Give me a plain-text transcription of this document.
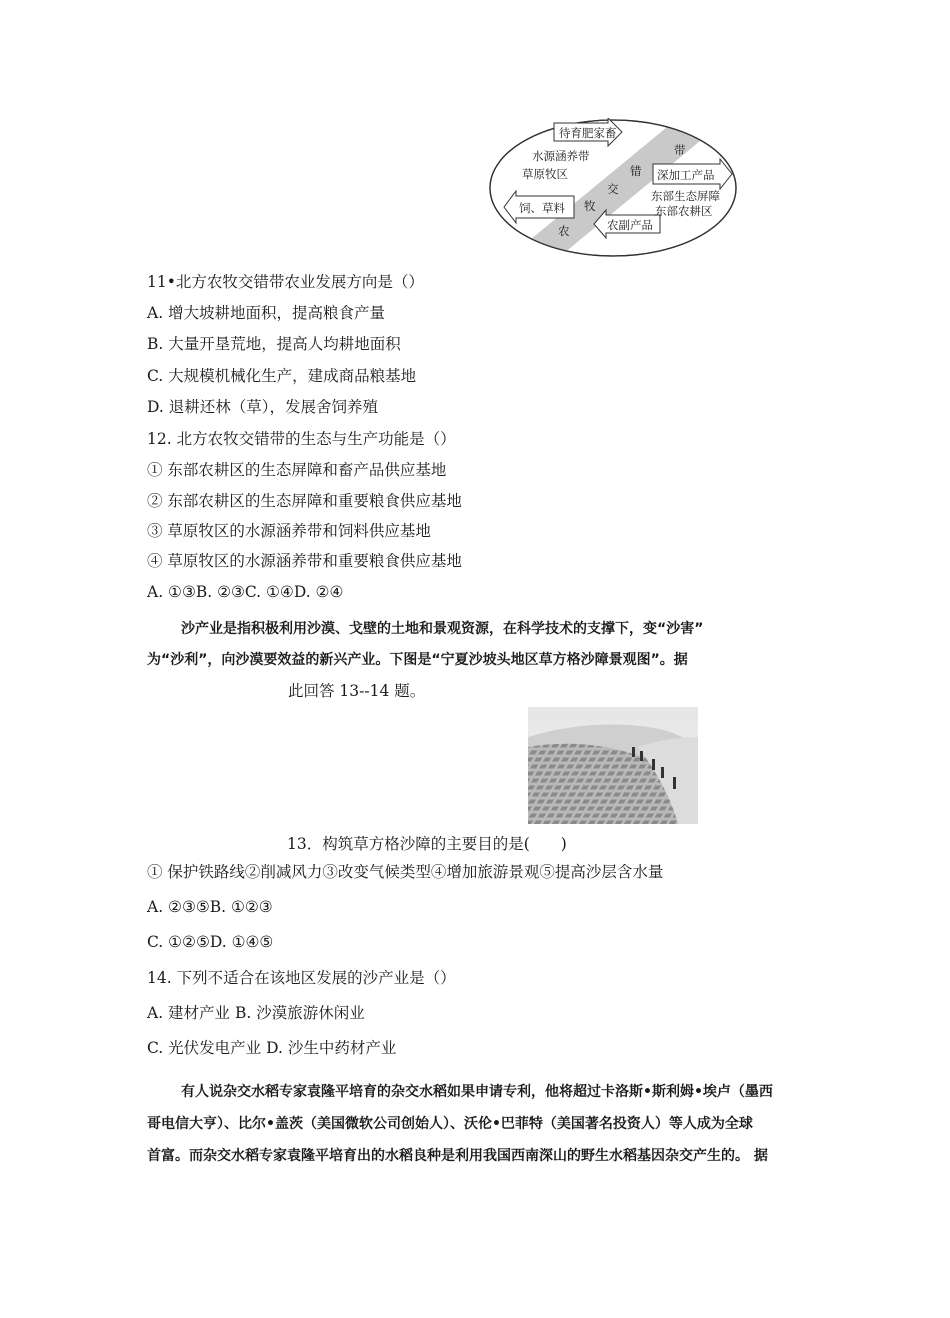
待育肥家畜
深加工产品
饲、草料
农副产品
水源涵养带
草原牧区
东部生态屏障
东部农耕区
带
错
交
牧
农
11•北方农牧交错带农业发展方向是（）
A. 增大坡耕地面积，提高粮食产量
B. 大量开垦荒地，提高人均耕地面积
C. 大规模机械化生产，建成商品粮基地
D. 退耕还林（草），发展舍饲养殖
12. 北方农牧交错带的生态与生产功能是（）
① 东部农耕区的生态屏障和畜产品供应基地
② 东部农耕区的生态屏障和重要粮食供应基地
③ 草原牧区的水源涵养带和饲料供应基地
④ 草原牧区的水源涵养带和重要粮食供应基地
A. ①③B. ②③C. ①④D. ②④
沙产业是指积极利用沙漠、戈壁的土地和景观资源，在科学技术的支撑下，变“沙害”
为“沙利”，向沙漠要效益的新兴产业。下图是“宁夏沙坡头地区草方格沙障景观图”。据
此回答 13--14 题。
13．构筑草方格沙障的主要目的是(　　)
① 保护铁路线②削减风力③改变气候类型④增加旅游景观⑤提高沙层含水量
A. ②③⑤B. ①②③
C. ①②⑤D. ①④⑤
14. 下列不适合在该地区发展的沙产业是（）
A. 建材产业 B. 沙漠旅游休闲业
C. 光伏发电产业 D. 沙生中药材产业
有人说杂交水稻专家袁隆平培育的杂交水稻如果申请专利，他将超过卡洛斯•斯利姆•埃卢（墨西
哥电信大亨）、比尔•盖茨（美国微软公司创始人）、沃伦•巴菲特（美国著名投资人）等人成为全球
首富。而杂交水稻专家袁隆平培育出的水稻良种是利用我国西南深山的野生水稻基因杂交产生的。 据
